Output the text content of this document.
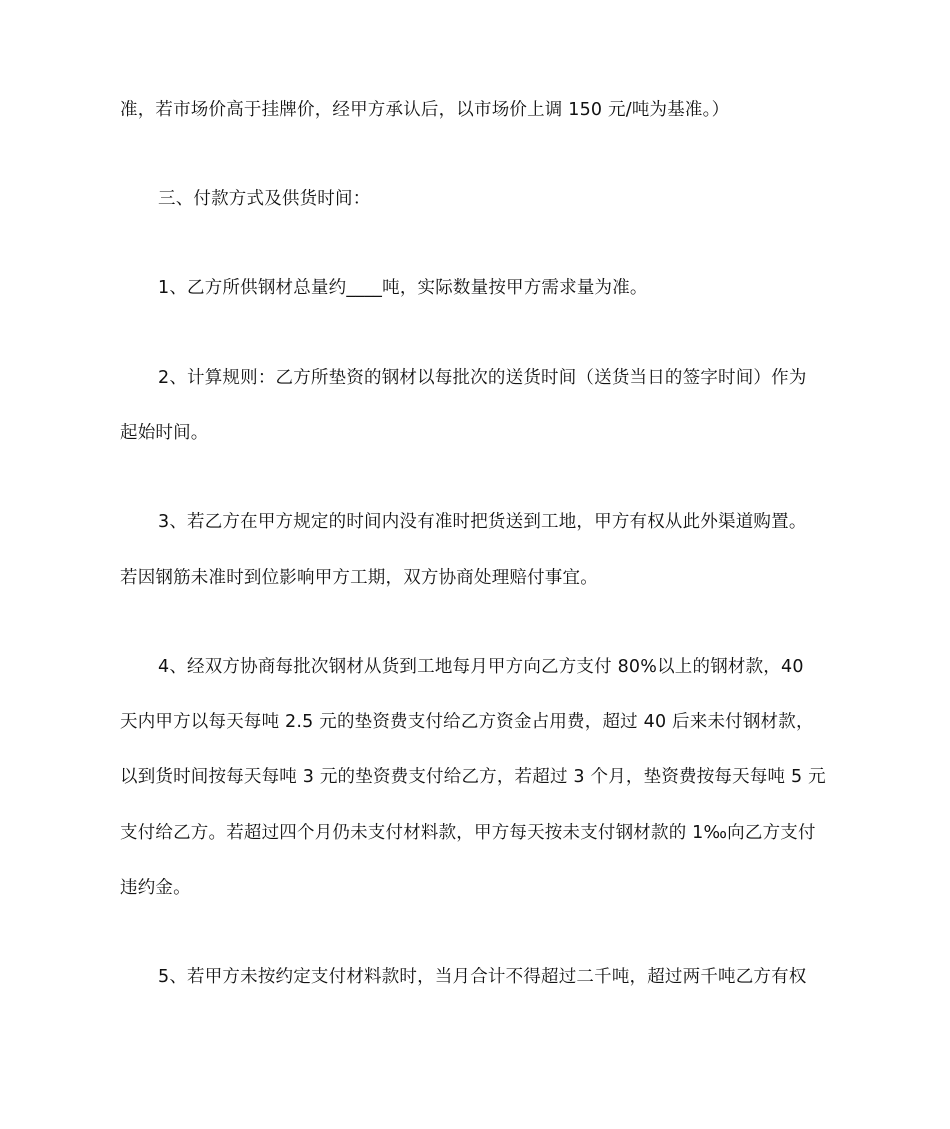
准，若市场价高于挂牌价，经甲方承认后，以市场价上调 150 元/吨为基准。）
三、付款方式及供货时间：
1、乙方所供钢材总量约____吨，实际数量按甲方需求量为准。
2、计算规则：乙方所垫资的钢材以每批次的送货时间（送货当日的签字时间）作为
起始时间。
3、若乙方在甲方规定的时间内没有准时把货送到工地，甲方有权从此外渠道购置。
若因钢筋未准时到位影响甲方工期，双方协商处理赔付事宜。
4、经双方协商每批次钢材从货到工地每月甲方向乙方支付 80%以上的钢材款，40
天内甲方以每天每吨 2.5 元的垫资费支付给乙方资金占用费，超过 40 后来未付钢材款，
以到货时间按每天每吨 3 元的垫资费支付给乙方，若超过 3 个月，垫资费按每天每吨 5 元
支付给乙方。若超过四个月仍未支付材料款，甲方每天按未支付钢材款的 1‰向乙方支付
违约金。
5、若甲方未按约定支付材料款时，当月合计不得超过二千吨，超过两千吨乙方有权
